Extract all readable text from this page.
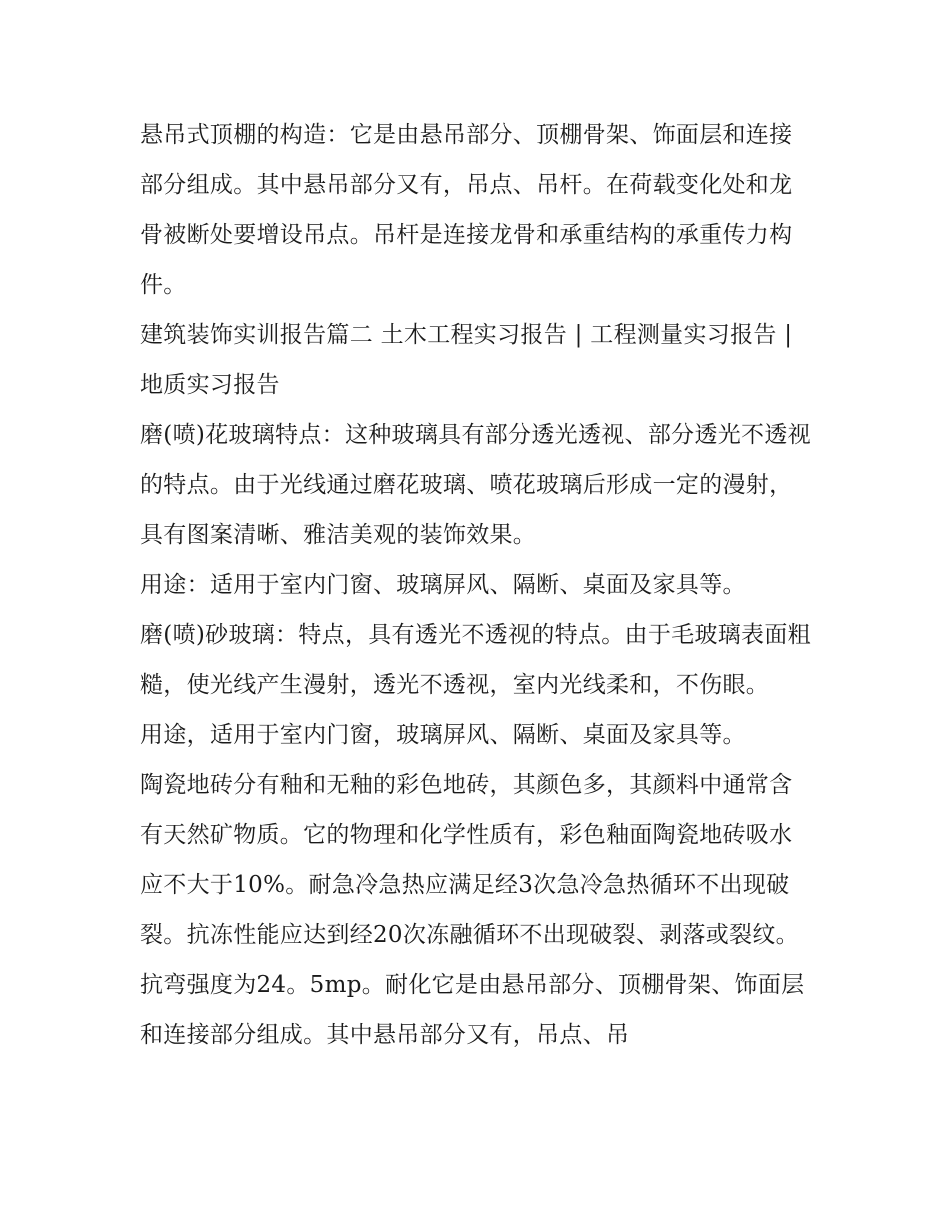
悬吊式顶棚的构造：它是由悬吊部分、顶棚骨架、饰面层和连接部分组成。其中悬吊部分又有，吊点、吊杆。在荷载变化处和龙骨被断处要增设吊点。吊杆是连接龙骨和承重结构的承重传力构件。

建筑装饰实训报告篇二 土木工程实习报告 | 工程测量实习报告 | 地质实习报告

磨(喷)花玻璃特点：这种玻璃具有部分透光透视、部分透光不透视的特点。由于光线通过磨花玻璃、喷花玻璃后形成一定的漫射，具有图案清晰、雅洁美观的装饰效果。

用途：适用于室内门窗、玻璃屏风、隔断、桌面及家具等。

磨(喷)砂玻璃：特点，具有透光不透视的特点。由于毛玻璃表面粗糙，使光线产生漫射，透光不透视，室内光线柔和，不伤眼。

用途，适用于室内门窗，玻璃屏风、隔断、桌面及家具等。

陶瓷地砖分有釉和无釉的彩色地砖，其颜色多，其颜料中通常含有天然矿物质。它的物理和化学性质有，彩色釉面陶瓷地砖吸水应不大于10%。耐急冷急热应满足经3次急冷急热循环不出现破裂。抗冻性能应达到经20次冻融循环不出现破裂、剥落或裂纹。抗弯强度为24。5mp。耐化它是由悬吊部分、顶棚骨架、饰面层和连接部分组成。其中悬吊部分又有，吊点、吊
